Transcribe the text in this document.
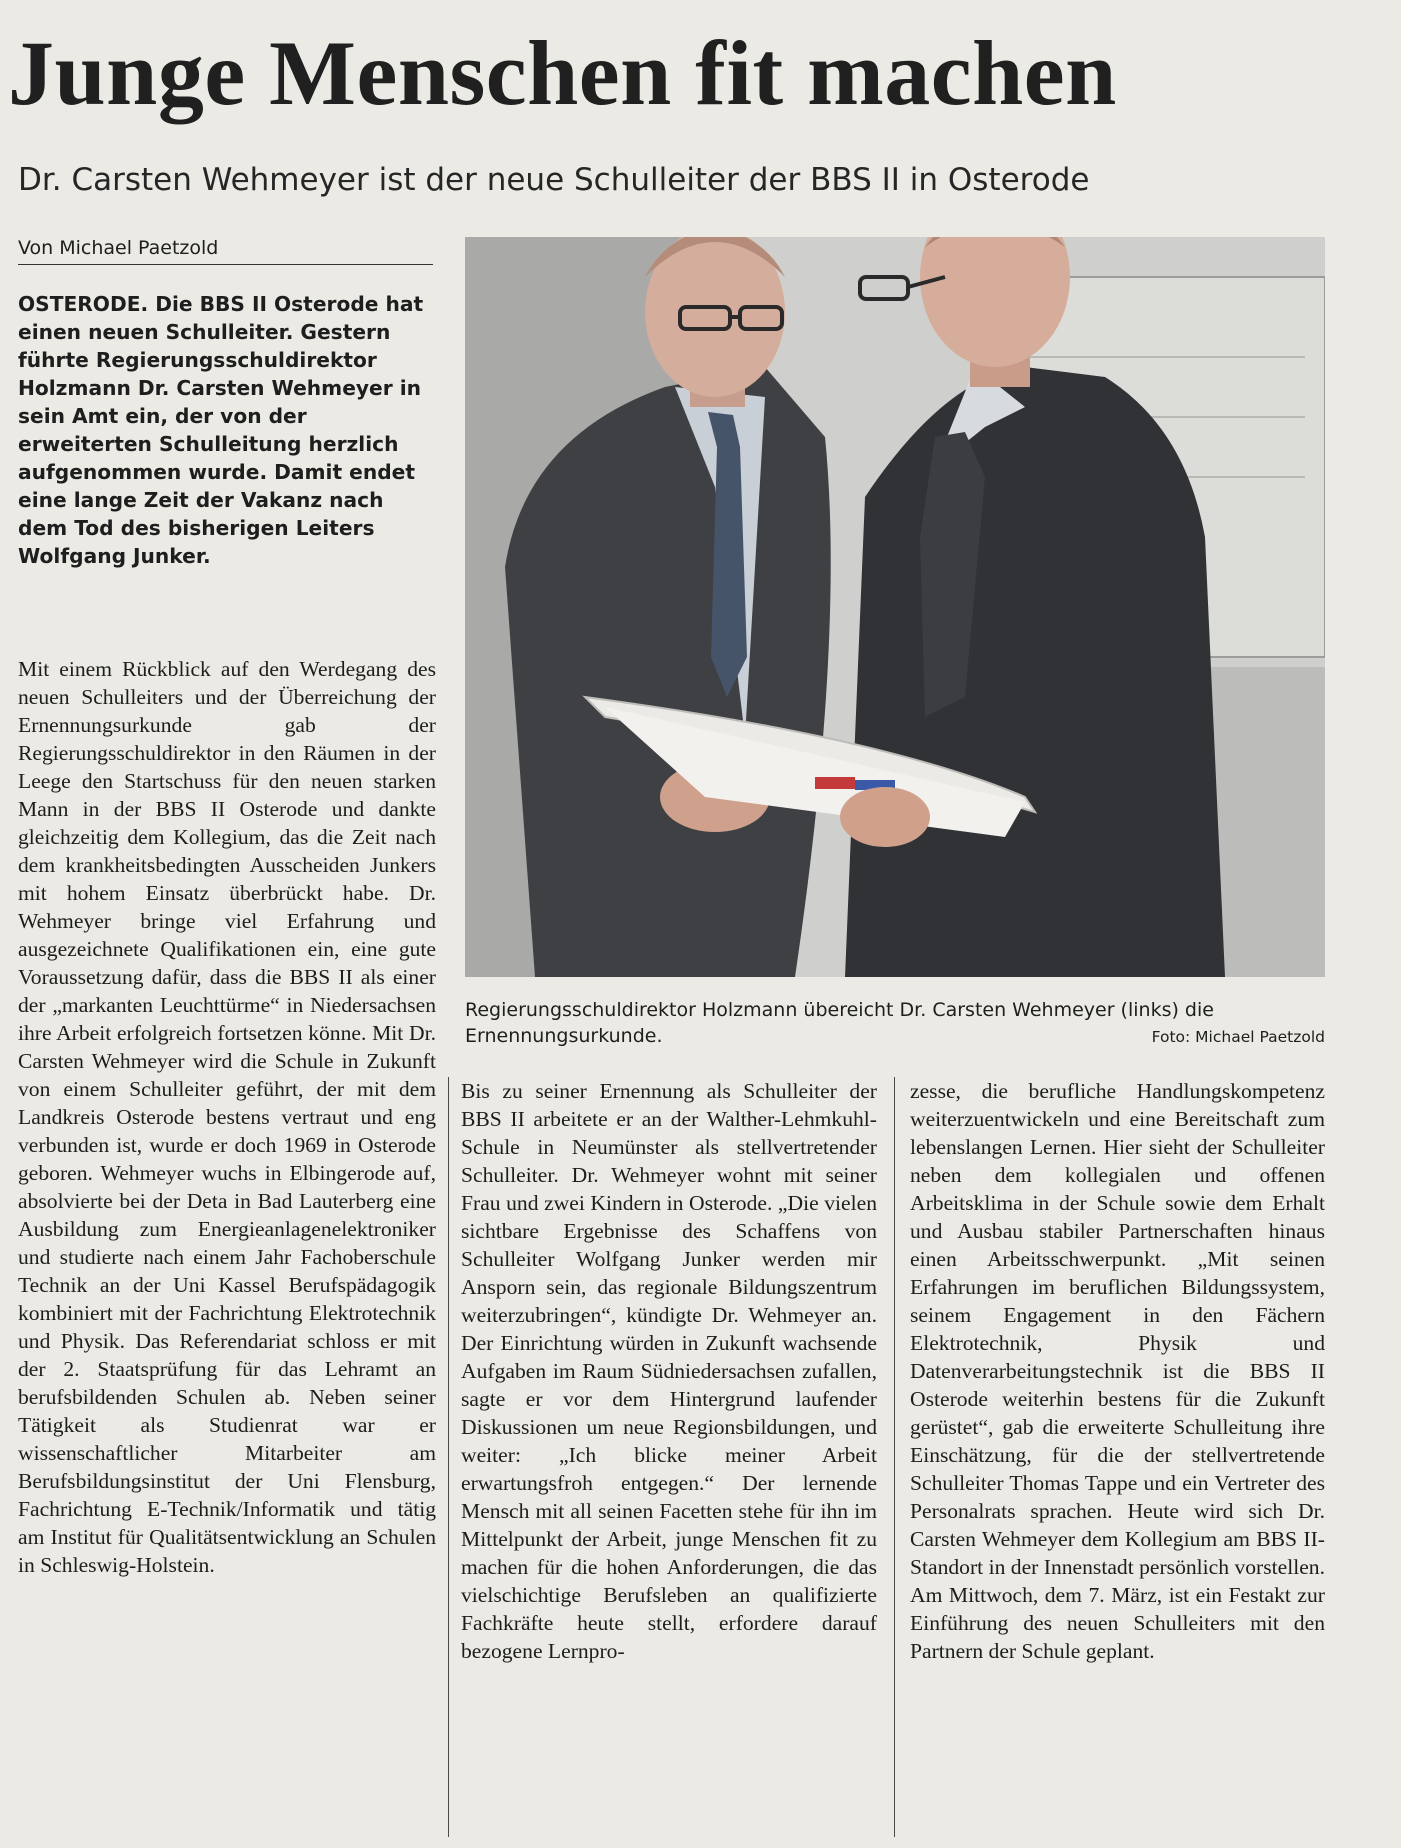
Junge Menschen fit machen
Dr. Carsten Wehmeyer ist der neue Schulleiter der BBS II in Osterode
Von Michael Paetzold
OSTERODE. Die BBS II Osterode hat einen neuen Schulleiter. Gestern führte Regierungsschuldirektor Holzmann Dr. Carsten Wehmeyer in sein Amt ein, der von der erweiterten Schulleitung herzlich aufgenommen wurde. Damit endet eine lange Zeit der Vakanz nach dem Tod des bisherigen Leiters Wolfgang Junker.
Mit einem Rückblick auf den Werdegang des neuen Schulleiters und der Überreichung der Ernennungsurkunde gab der Regierungsschuldirektor in den Räumen in der Leege den Startschuss für den neuen starken Mann in der BBS II Osterode und dankte gleichzeitig dem Kollegium, das die Zeit nach dem krankheitsbedingten Ausscheiden Junkers mit hohem Einsatz überbrückt habe. Dr. Wehmeyer bringe viel Erfahrung und ausgezeichnete Qualifikationen ein, eine gute Voraussetzung dafür, dass die BBS II als einer der „markanten Leuchttürme“ in Niedersachsen ihre Arbeit erfolgreich fortsetzen könne. Mit Dr. Carsten Wehmeyer wird die Schule in Zukunft von einem Schulleiter geführt, der mit dem Landkreis Osterode bestens vertraut und eng verbunden ist, wurde er doch 1969 in Osterode geboren. Wehmeyer wuchs in Elbingerode auf, absolvierte bei der Deta in Bad Lauterberg eine Ausbildung zum Energieanlagenelektroniker und studierte nach einem Jahr Fachoberschule Technik an der Uni Kassel Berufspädagogik kombiniert mit der Fachrichtung Elektrotechnik und Physik. Das Referendariat schloss er mit der 2. Staatsprüfung für das Lehramt an berufsbildenden Schulen ab. Neben seiner Tätigkeit als Studienrat war er wissenschaftlicher Mitarbeiter am Berufsbildungsinstitut der Uni Flensburg, Fachrichtung E-Technik/Informatik und tätig am Institut für Qualitätsentwicklung an Schulen in Schleswig-Holstein.
Bis zu seiner Ernennung als Schulleiter der BBS II arbeitete er an der Walther-Lehmkuhl-Schule in Neumünster als stellvertretender Schulleiter. Dr. Wehmeyer wohnt mit seiner Frau und zwei Kindern in Osterode. „Die vielen sichtbare Ergebnisse des Schaffens von Schulleiter Wolfgang Junker werden mir Ansporn sein, das regionale Bildungszentrum weiterzubringen“, kündigte Dr. Wehmeyer an. Der Einrichtung würden in Zukunft wachsende Aufgaben im Raum Südniedersachsen zufallen, sagte er vor dem Hintergrund laufender Diskussionen um neue Regionsbildungen, und weiter: „Ich blicke meiner Arbeit erwartungsfroh entgegen.“ Der lernende Mensch mit all seinen Facetten stehe für ihn im Mittelpunkt der Arbeit, junge Menschen fit zu machen für die hohen Anforderungen, die das vielschichtige Berufsleben an qualifizierte Fachkräfte heute stellt, erfordere darauf bezogene Lernpro-
zesse, die berufliche Handlungskompetenz weiterzuentwickeln und eine Bereitschaft zum lebenslangen Lernen. Hier sieht der Schulleiter neben dem kollegialen und offenen Arbeitsklima in der Schule sowie dem Erhalt und Ausbau stabiler Partnerschaften hinaus einen Arbeitsschwerpunkt. „Mit seinen Erfahrungen im beruflichen Bildungssystem, seinem Engagement in den Fächern Elektrotechnik, Physik und Datenverarbeitungstechnik ist die BBS II Osterode weiterhin bestens für die Zukunft gerüstet“, gab die erweiterte Schulleitung ihre Einschätzung, für die der stellvertretende Schulleiter Thomas Tappe und ein Vertreter des Personalrats sprachen. Heute wird sich Dr. Carsten Wehmeyer dem Kollegium am BBS II-Standort in der Innenstadt persönlich vorstellen. Am Mittwoch, dem 7. März, ist ein Festakt zur Einführung des neuen Schulleiters mit den Partnern der Schule geplant.
Regierungsschuldirektor Holzmann übereicht Dr. Carsten Wehmeyer (links) die Ernennungsurkunde.	Foto: Michael Paetzold
